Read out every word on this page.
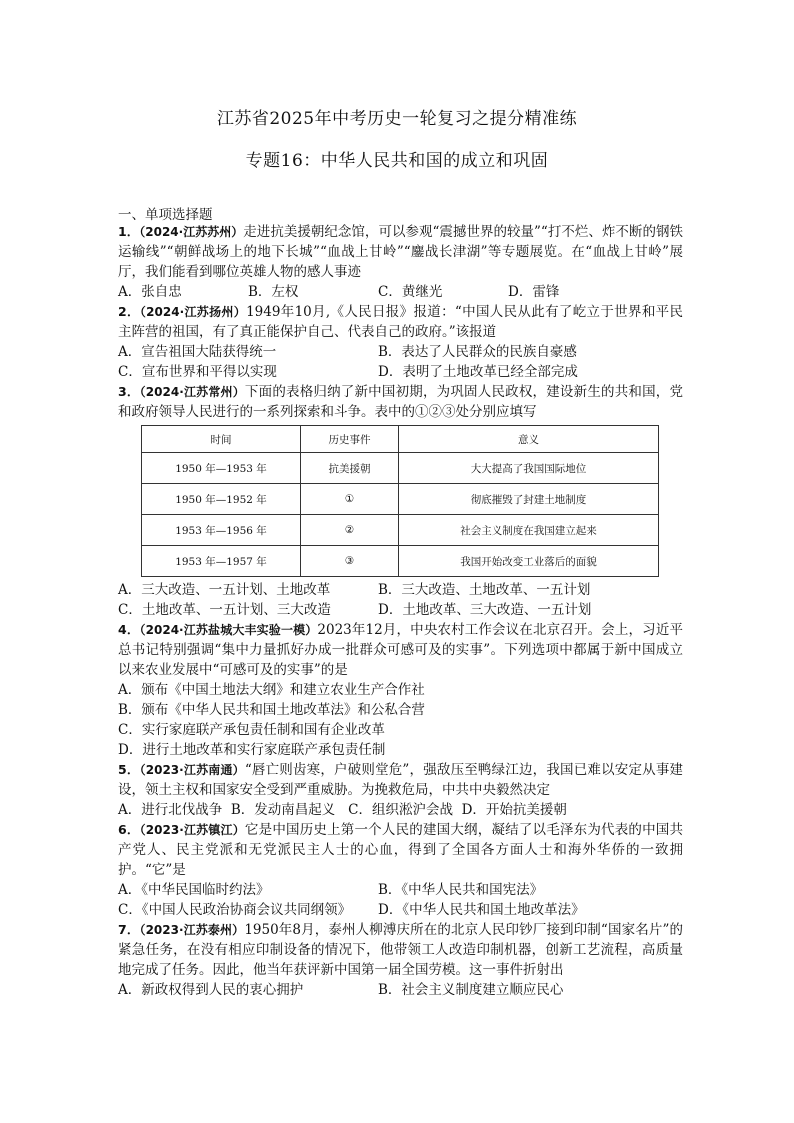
江苏省2025年中考历史一轮复习之提分精准练
专题16：中华人民共和国的成立和巩固
一、单项选择题
1．（2024·江苏苏州）走进抗美援朝纪念馆，可以参观“震撼世界的较量”“打不烂、炸不断的钢铁运输线”“朝鲜战场上的地下长城”“血战上甘岭”“鏖战长津湖”等专题展览。在“血战上甘岭”展厅，我们能看到哪位英雄人物的感人事迹
A．张自忠	B．左权	C．黄继光	D．雷锋
2．（2024·江苏扬州）1949年10月,《人民日报》报道：“中国人民从此有了屹立于世界和平民主阵营的祖国，有了真正能保护自己、代表自己的政府。”该报道
A．宣告祖国大陆获得统一	B．表达了人民群众的民族自豪感
C．宣布世界和平得以实现	D．表明了土地改革已经全部完成
3．（2024·江苏常州）下面的表格归纳了新中国初期，为巩固人民政权，建设新生的共和国，党和政府领导人民进行的一系列探索和斗争。表中的①②③处分别应填写
时间	历史事件	意义
1950 年—1953 年	抗美援朝	大大提高了我国国际地位
1950 年—1952 年	①	彻底摧毁了封建土地制度
1953 年—1956 年	②	社会主义制度在我国建立起来
1953 年—1957 年	③	我国开始改变工业落后的面貌
A．三大改造、一五计划、土地改革	B．三大改造、土地改革、一五计划
C．土地改革、一五计划、三大改造	D．土地改革、三大改造、一五计划
4．（2024·江苏盐城大丰实验一模）2023年12月，中央农村工作会议在北京召开。会上，习近平总书记特别强调“集中力量抓好办成一批群众可感可及的实事”。下列选项中都属于新中国成立以来农业发展中“可感可及的实事”的是
A．颁布《中国土地法大纲》和建立农业生产合作社
B．颁布《中华人民共和国土地改革法》和公私合营
C．实行家庭联产承包责任制和国有企业改革
D．进行土地改革和实行家庭联产承包责任制
5．（2023·江苏南通）“唇亡则齿寒，户破则堂危”，强敌压至鸭绿江边，我国已难以安定从事建设，领土主权和国家安全受到严重威胁。为挽救危局，中共中央毅然决定
A．进行北伐战争 B．发动南昌起义 C．组织淞沪会战 D．开始抗美援朝
6．（2023·江苏镇江）它是中国历史上第一个人民的建国大纲，凝结了以毛泽东为代表的中国共产党人、民主党派和无党派民主人士的心血，得到了全国各方面人士和海外华侨的一致拥护。“它”是
A．《中华民国临时约法》	B．《中华人民共和国宪法》
C．《中国人民政治协商会议共同纲领》	D．《中华人民共和国土地改革法》
7．（2023·江苏泰州）1950年8月，泰州人柳溥庆所在的北京人民印钞厂接到印制“国家名片”的紧急任务，在没有相应印制设备的情况下，他带领工人改造印制机器，创新工艺流程，高质量地完成了任务。因此，他当年获评新中国第一届全国劳模。这一事件折射出
A．新政权得到人民的衷心拥护	B．社会主义制度建立顺应民心
